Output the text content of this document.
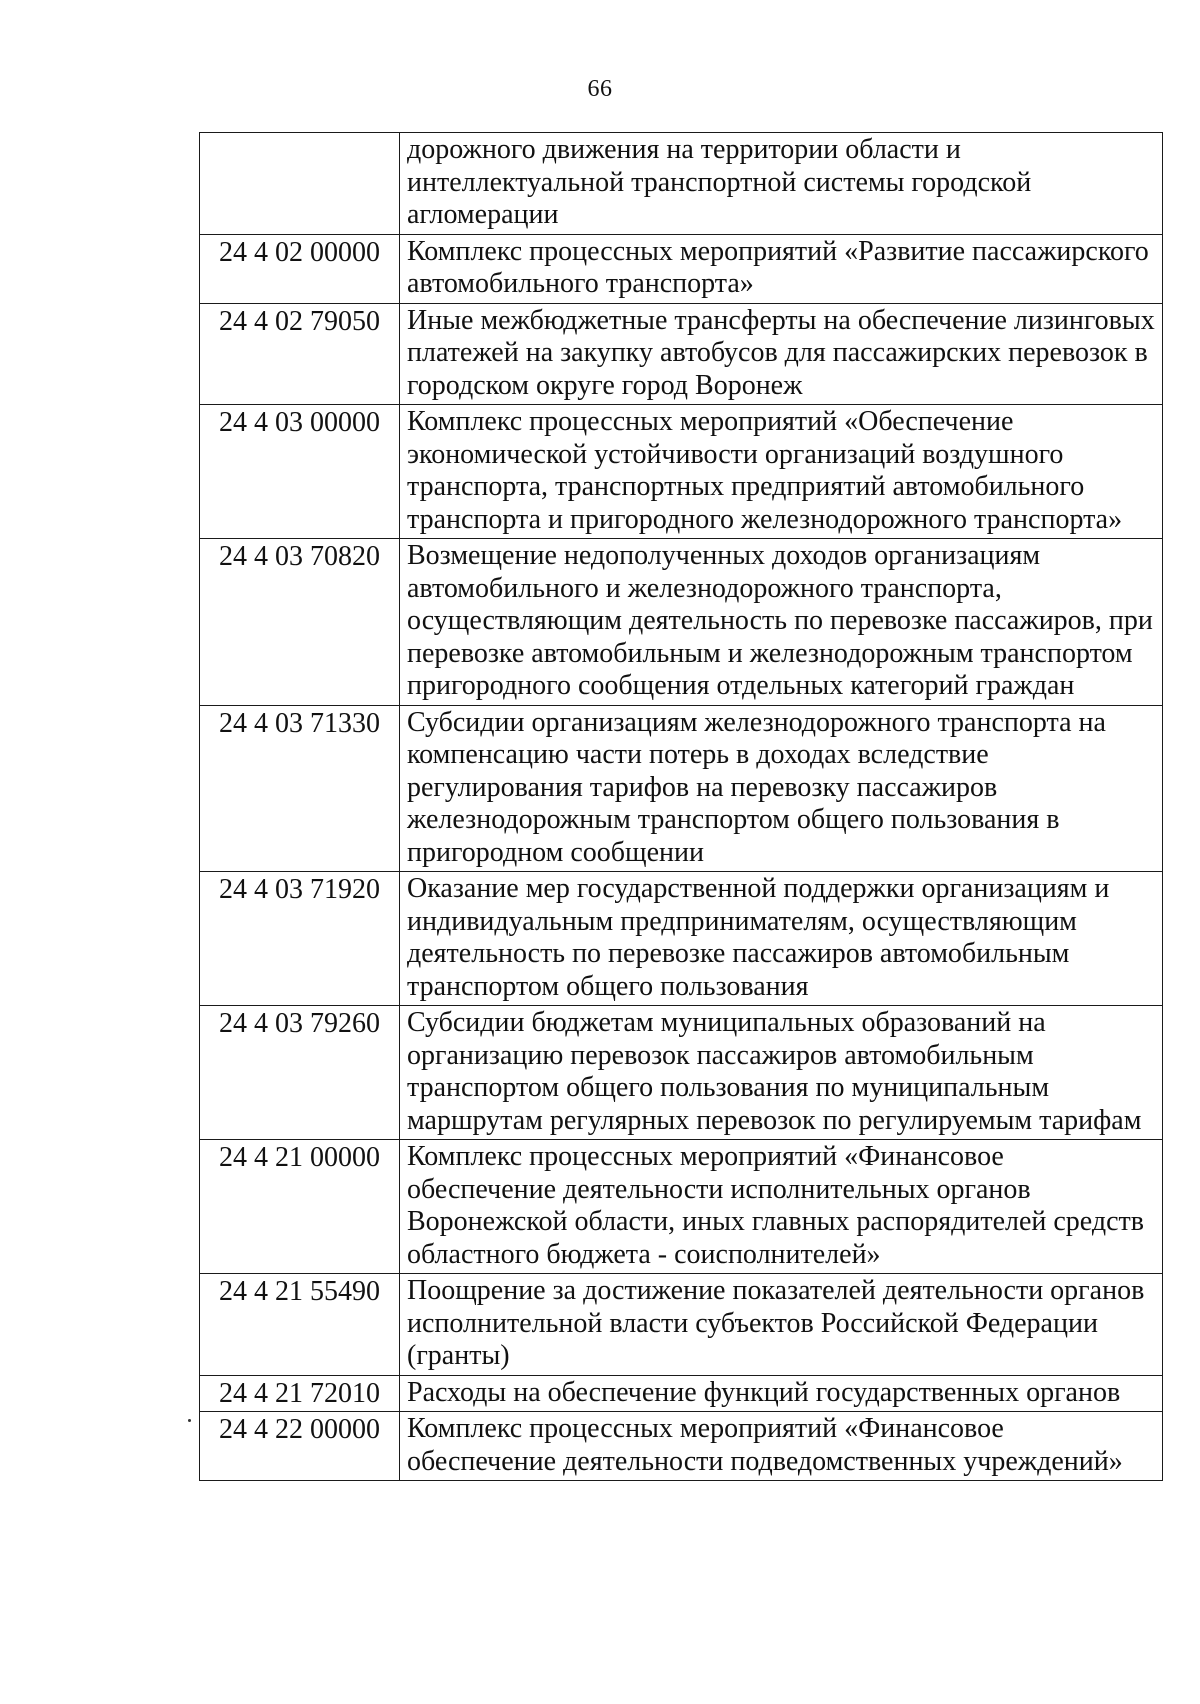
66
	дорожного движения на территории области и интеллектуальной транспортной системы городской агломерации
24 4 02 00000	Комплекс процессных мероприятий «Развитие пассажирского автомобильного транспорта»
24 4 02 79050	Иные межбюджетные трансферты на обеспечение лизинговых платежей на закупку автобусов для пассажирских перевозок в городском округе город Воронеж
24 4 03 00000	Комплекс процессных мероприятий «Обеспечение экономической устойчивости организаций воздушного транспорта, транспортных предприятий автомобильного транспорта и пригородного железнодорожного транспорта»
24 4 03 70820	Возмещение недополученных доходов организациям автомобильного и железнодорожного транспорта, осуществляющим деятельность по перевозке пассажиров, при перевозке автомобильным и железнодорожным транспортом пригородного сообщения отдельных категорий граждан
24 4 03 71330	Субсидии организациям железнодорожного транспорта на компенсацию части потерь в доходах вследствие регулирования тарифов на перевозку пассажиров железнодорожным транспортом общего пользования в пригородном сообщении
24 4 03 71920	Оказание мер государственной поддержки организациям и индивидуальным предпринимателям, осуществляющим деятельность по перевозке пассажиров автомобильным транспортом общего пользования
24 4 03 79260	Субсидии бюджетам муниципальных образований на организацию перевозок пассажиров автомобильным транспортом общего пользования по муниципальным маршрутам регулярных перевозок по регулируемым тарифам
24 4 21 00000	Комплекс процессных мероприятий «Финансовое обеспечение деятельности исполнительных органов Воронежской области, иных главных распорядителей средств областного бюджета - соисполнителей»
24 4 21 55490	Поощрение за достижение показателей деятельности органов исполнительной власти субъектов Российской Федерации (гранты)
24 4 21 72010	Расходы на обеспечение функций государственных органов
24 4 22 00000	Комплекс процессных мероприятий «Финансовое обеспечение деятельности подведомственных учреждений»
